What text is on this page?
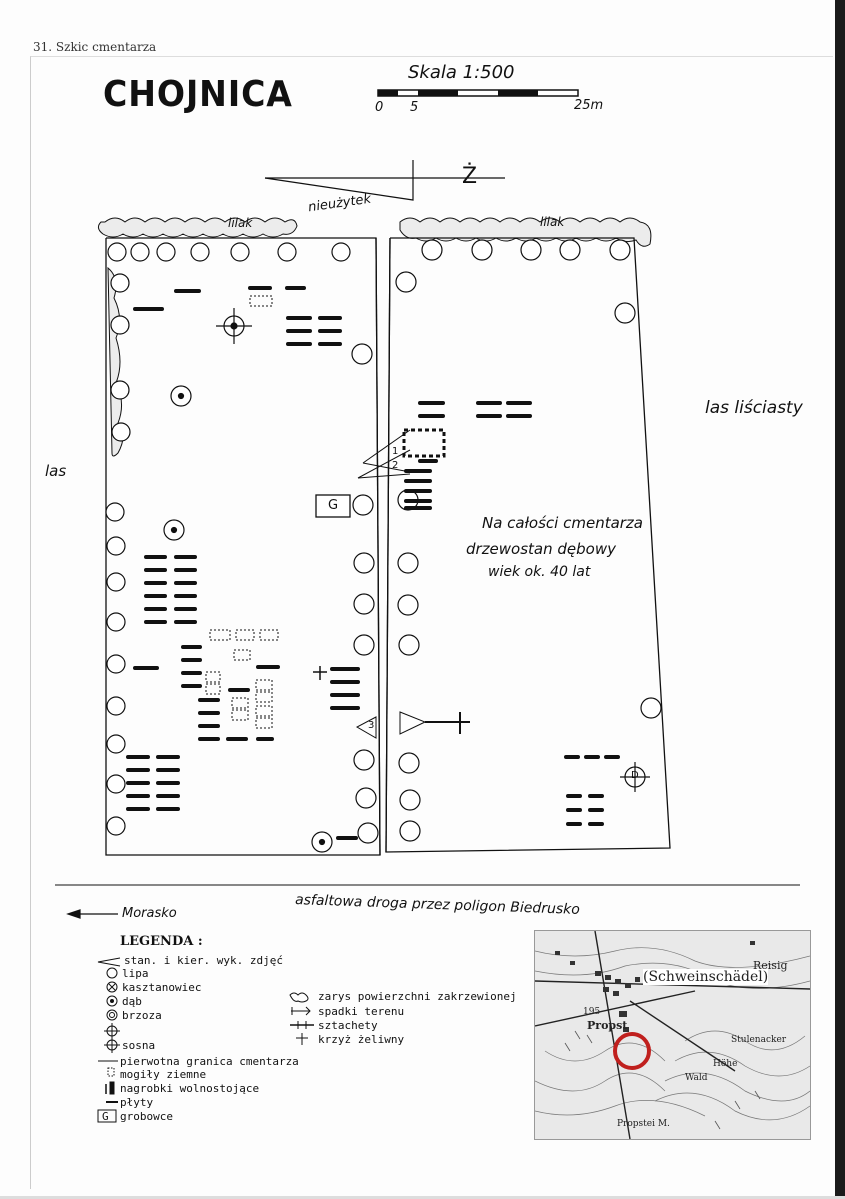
31. Szkic cmentarza
CHOJNICA
Skala 1:500
0 5	25m
nieużytek
Ż
lilak	lilak
las
las liściasty
Na całości cmentarza
drzewostan dębowy
wiek ok. 40 lat
G
1
2
3
D
Morasko	asfaltowa droga przez poligon Biedrusko
LEGENDA :
stan. i kier. wyk. zdjęć
lipa
kasztanowiec
dąb
brzoza
sosna
pierwotna granica cmentarza
mogiły ziemne
nagrobki wolnostojące
płyty
grobowce
G
zarys powierzchni zakrzewionej
spadki terenu
sztachety
krzyż żeliwny
(Schweinschädel)
Reisig
Propst
Stulenacker
Wald
Höhe
Propstei M.
195
